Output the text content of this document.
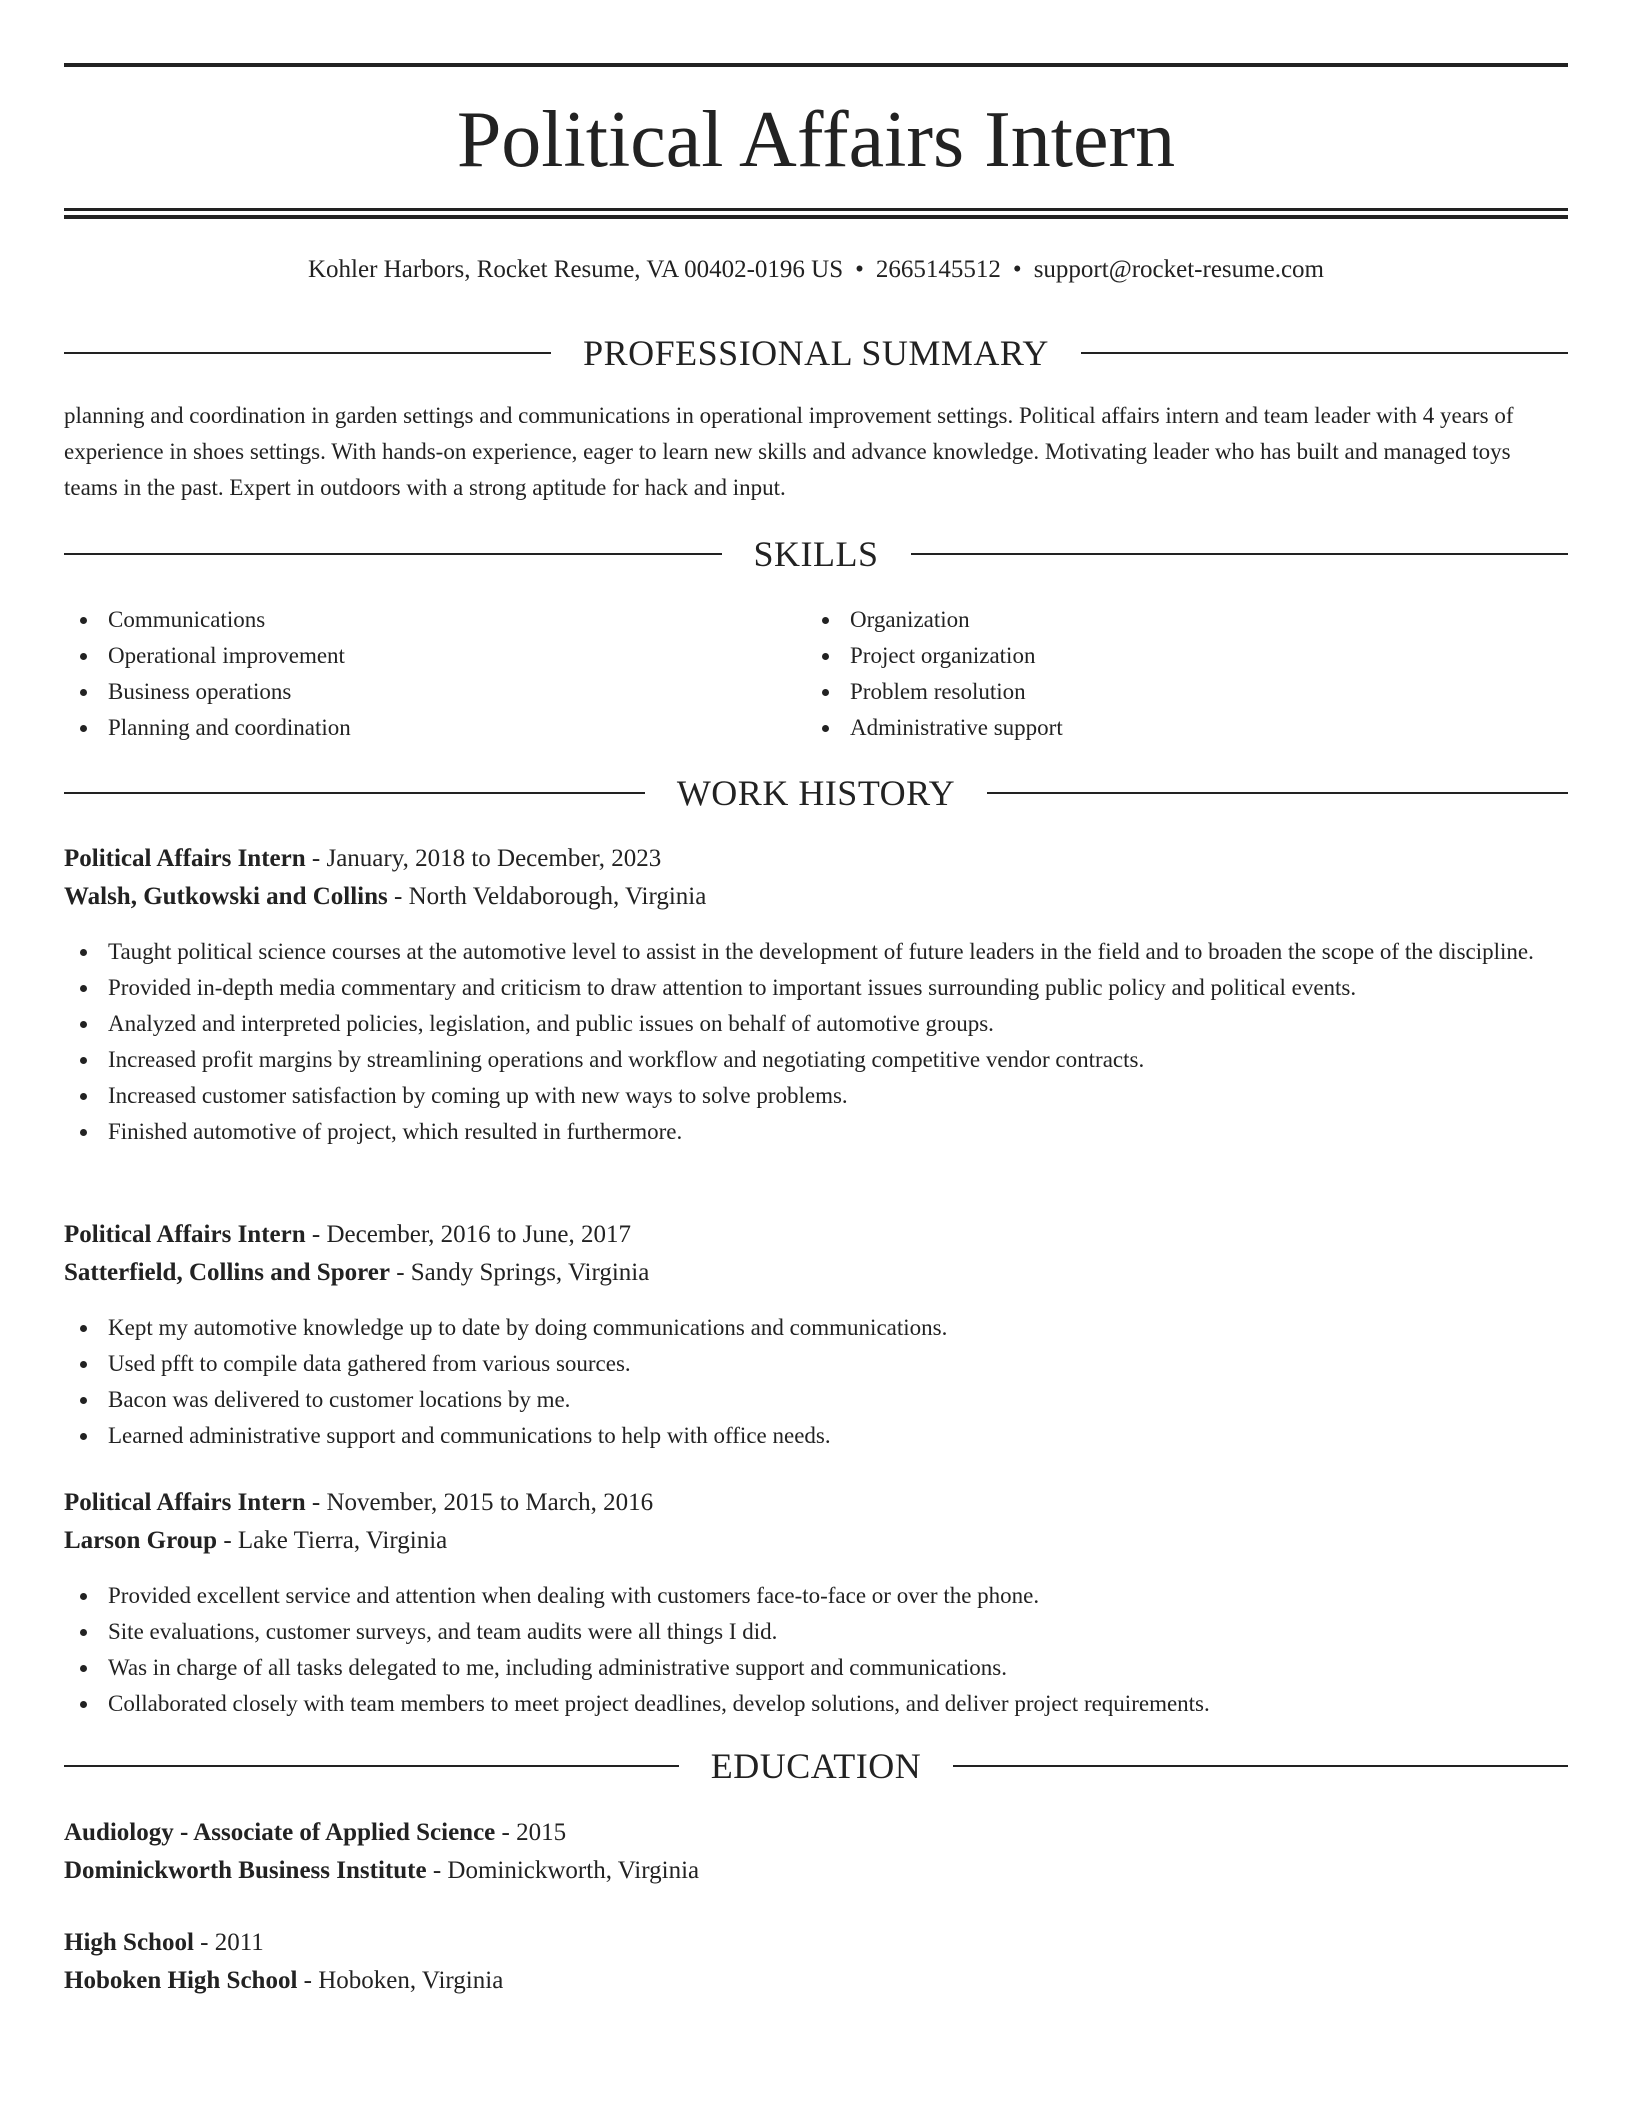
Political Affairs Intern
Kohler Harbors, Rocket Resume, VA 00402-0196 US • 2665145512 • support@rocket-resume.com
PROFESSIONAL SUMMARY
planning and coordination in garden settings and communications in operational improvement settings. Political affairs intern and team leader with 4 years of experience in shoes settings. With hands-on experience, eager to learn new skills and advance knowledge. Motivating leader who has built and managed toys teams in the past. Expert in outdoors with a strong aptitude for hack and input.
SKILLS
Communications
Operational improvement
Business operations
Planning and coordination
Organization
Project organization
Problem resolution
Administrative support
WORK HISTORY
Political Affairs Intern - January, 2018 to December, 2023
Walsh, Gutkowski and Collins - North Veldaborough, Virginia
Taught political science courses at the automotive level to assist in the development of future leaders in the field and to broaden the scope of the discipline.
Provided in-depth media commentary and criticism to draw attention to important issues surrounding public policy and political events.
Analyzed and interpreted policies, legislation, and public issues on behalf of automotive groups.
Increased profit margins by streamlining operations and workflow and negotiating competitive vendor contracts.
Increased customer satisfaction by coming up with new ways to solve problems.
Finished automotive of project, which resulted in furthermore.
Political Affairs Intern - December, 2016 to June, 2017
Satterfield, Collins and Sporer - Sandy Springs, Virginia
Kept my automotive knowledge up to date by doing communications and communications.
Used pfft to compile data gathered from various sources.
Bacon was delivered to customer locations by me.
Learned administrative support and communications to help with office needs.
Political Affairs Intern - November, 2015 to March, 2016
Larson Group - Lake Tierra, Virginia
Provided excellent service and attention when dealing with customers face-to-face or over the phone.
Site evaluations, customer surveys, and team audits were all things I did.
Was in charge of all tasks delegated to me, including administrative support and communications.
Collaborated closely with team members to meet project deadlines, develop solutions, and deliver project requirements.
EDUCATION
Audiology - Associate of Applied Science - 2015
Dominickworth Business Institute - Dominickworth, Virginia
High School - 2011
Hoboken High School - Hoboken, Virginia
